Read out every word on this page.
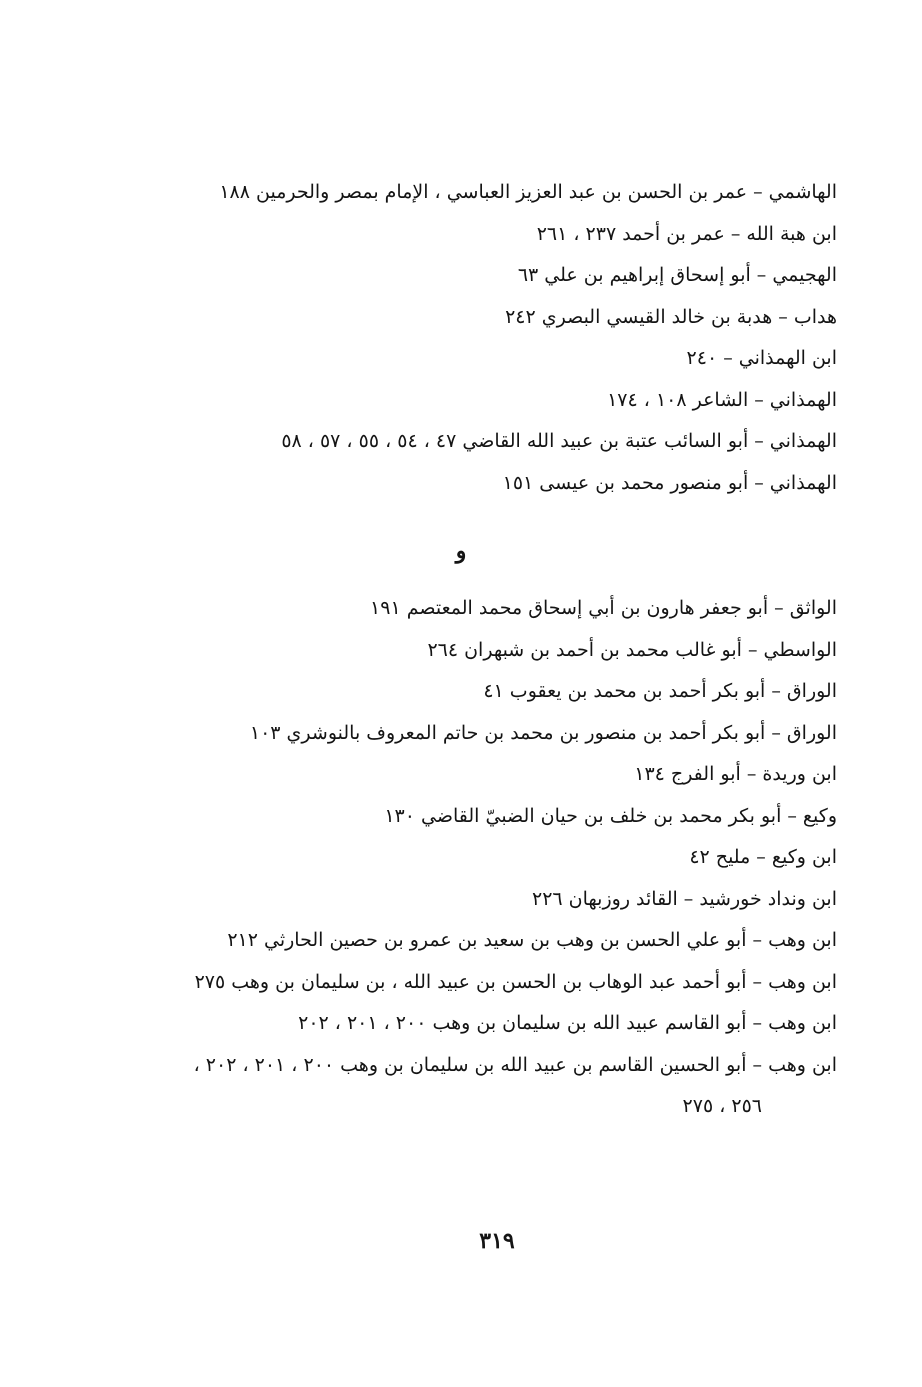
الهاشمي – عمر بن الحسن بن عبد العزيز العباسي ، الإمام بمصر والحرمين ١٨٨
ابن هبة الله – عمر بن أحمد ٢٣٧ ، ٢٦١
الهجيمي – أبو إسحاق إبراهيم بن علي ٦٣
هداب – هدبة بن خالد القيسي البصري ٢٤٢
ابن الهمذاني – ٢٤٠
الهمذاني – الشاعر ١٠٨ ، ١٧٤
الهمذاني – أبو السائب عتبة بن عبيد الله القاضي ٤٧ ، ٥٤ ، ٥٥ ، ٥٧ ، ٥٨
الهمذاني – أبو منصور محمد بن عيسى ١٥١
و
الواثق – أبو جعفر هارون بن أبي إسحاق محمد المعتصم ١٩١
الواسطي – أبو غالب محمد بن أحمد بن شبهران ٢٦٤
الوراق – أبو بكر أحمد بن محمد بن يعقوب ٤١
الوراق – أبو بكر أحمد بن منصور بن محمد بن حاتم المعروف بالنوشري ١٠٣
ابن وريدة – أبو الفرج ١٣٤
وكيع – أبو بكر محمد بن خلف بن حيان الضبيّ القاضي ١٣٠
ابن وكيع – مليح ٤٢
ابن ونداد خورشيد – القائد روزبهان ٢٢٦
ابن وهب – أبو علي الحسن بن وهب بن سعيد بن عمرو بن حصين الحارثي ٢١٢
ابن وهب – أبو أحمد عبد الوهاب بن الحسن بن عبيد الله ، بن سليمان بن وهب ٢٧٥
ابن وهب – أبو القاسم عبيد الله بن سليمان بن وهب ٢٠٠ ، ٢٠١ ، ٢٠٢
ابن وهب – أبو الحسين القاسم بن عبيد الله بن سليمان بن وهب ٢٠٠ ، ٢٠١ ، ٢٠٢ ،
٢٥٦ ، ٢٧٥
٣١٩
